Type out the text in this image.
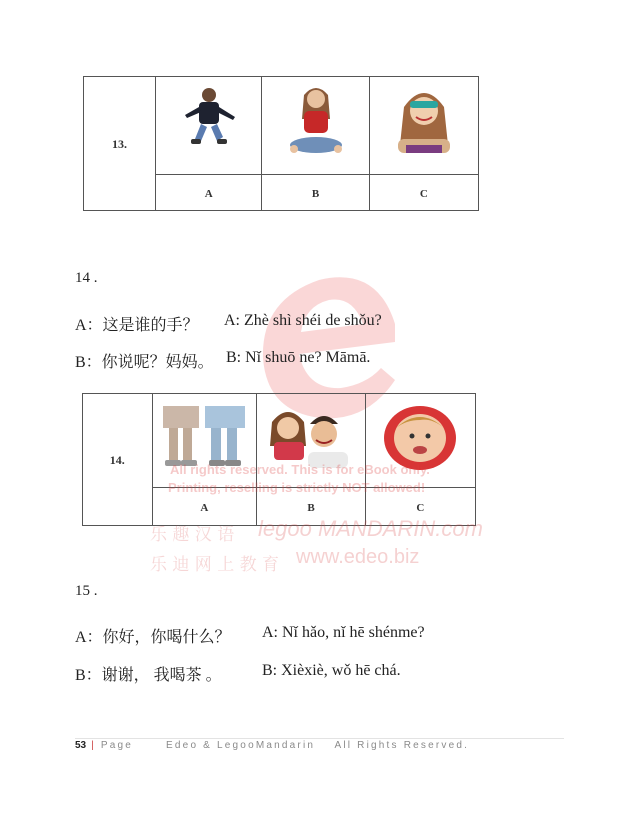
13.			
	A	B	C
14 .
A：这是谁的手？ A: Zhè shì shéi de shǒu?
B：你说呢？妈妈。 B: Nǐ shuō ne? Māmā.
14.			
	A	B	C
All rights reserved. This is for eBook only.
Printing, reselling is strictly NOT allowed!
乐 趣 汉 语 legoo MANDARIN.com
乐 迪 网 上 教 育 www.edeo.biz
15 .
A：你好，你喝什么？ A: Nǐ hǎo, nǐ hē shénme?
B：谢谢， 我喝茶 。	B: Xièxiè, wǒ hē chá.
53 | Page	Edeo & LegooMandarin    All Rights Reserved.
